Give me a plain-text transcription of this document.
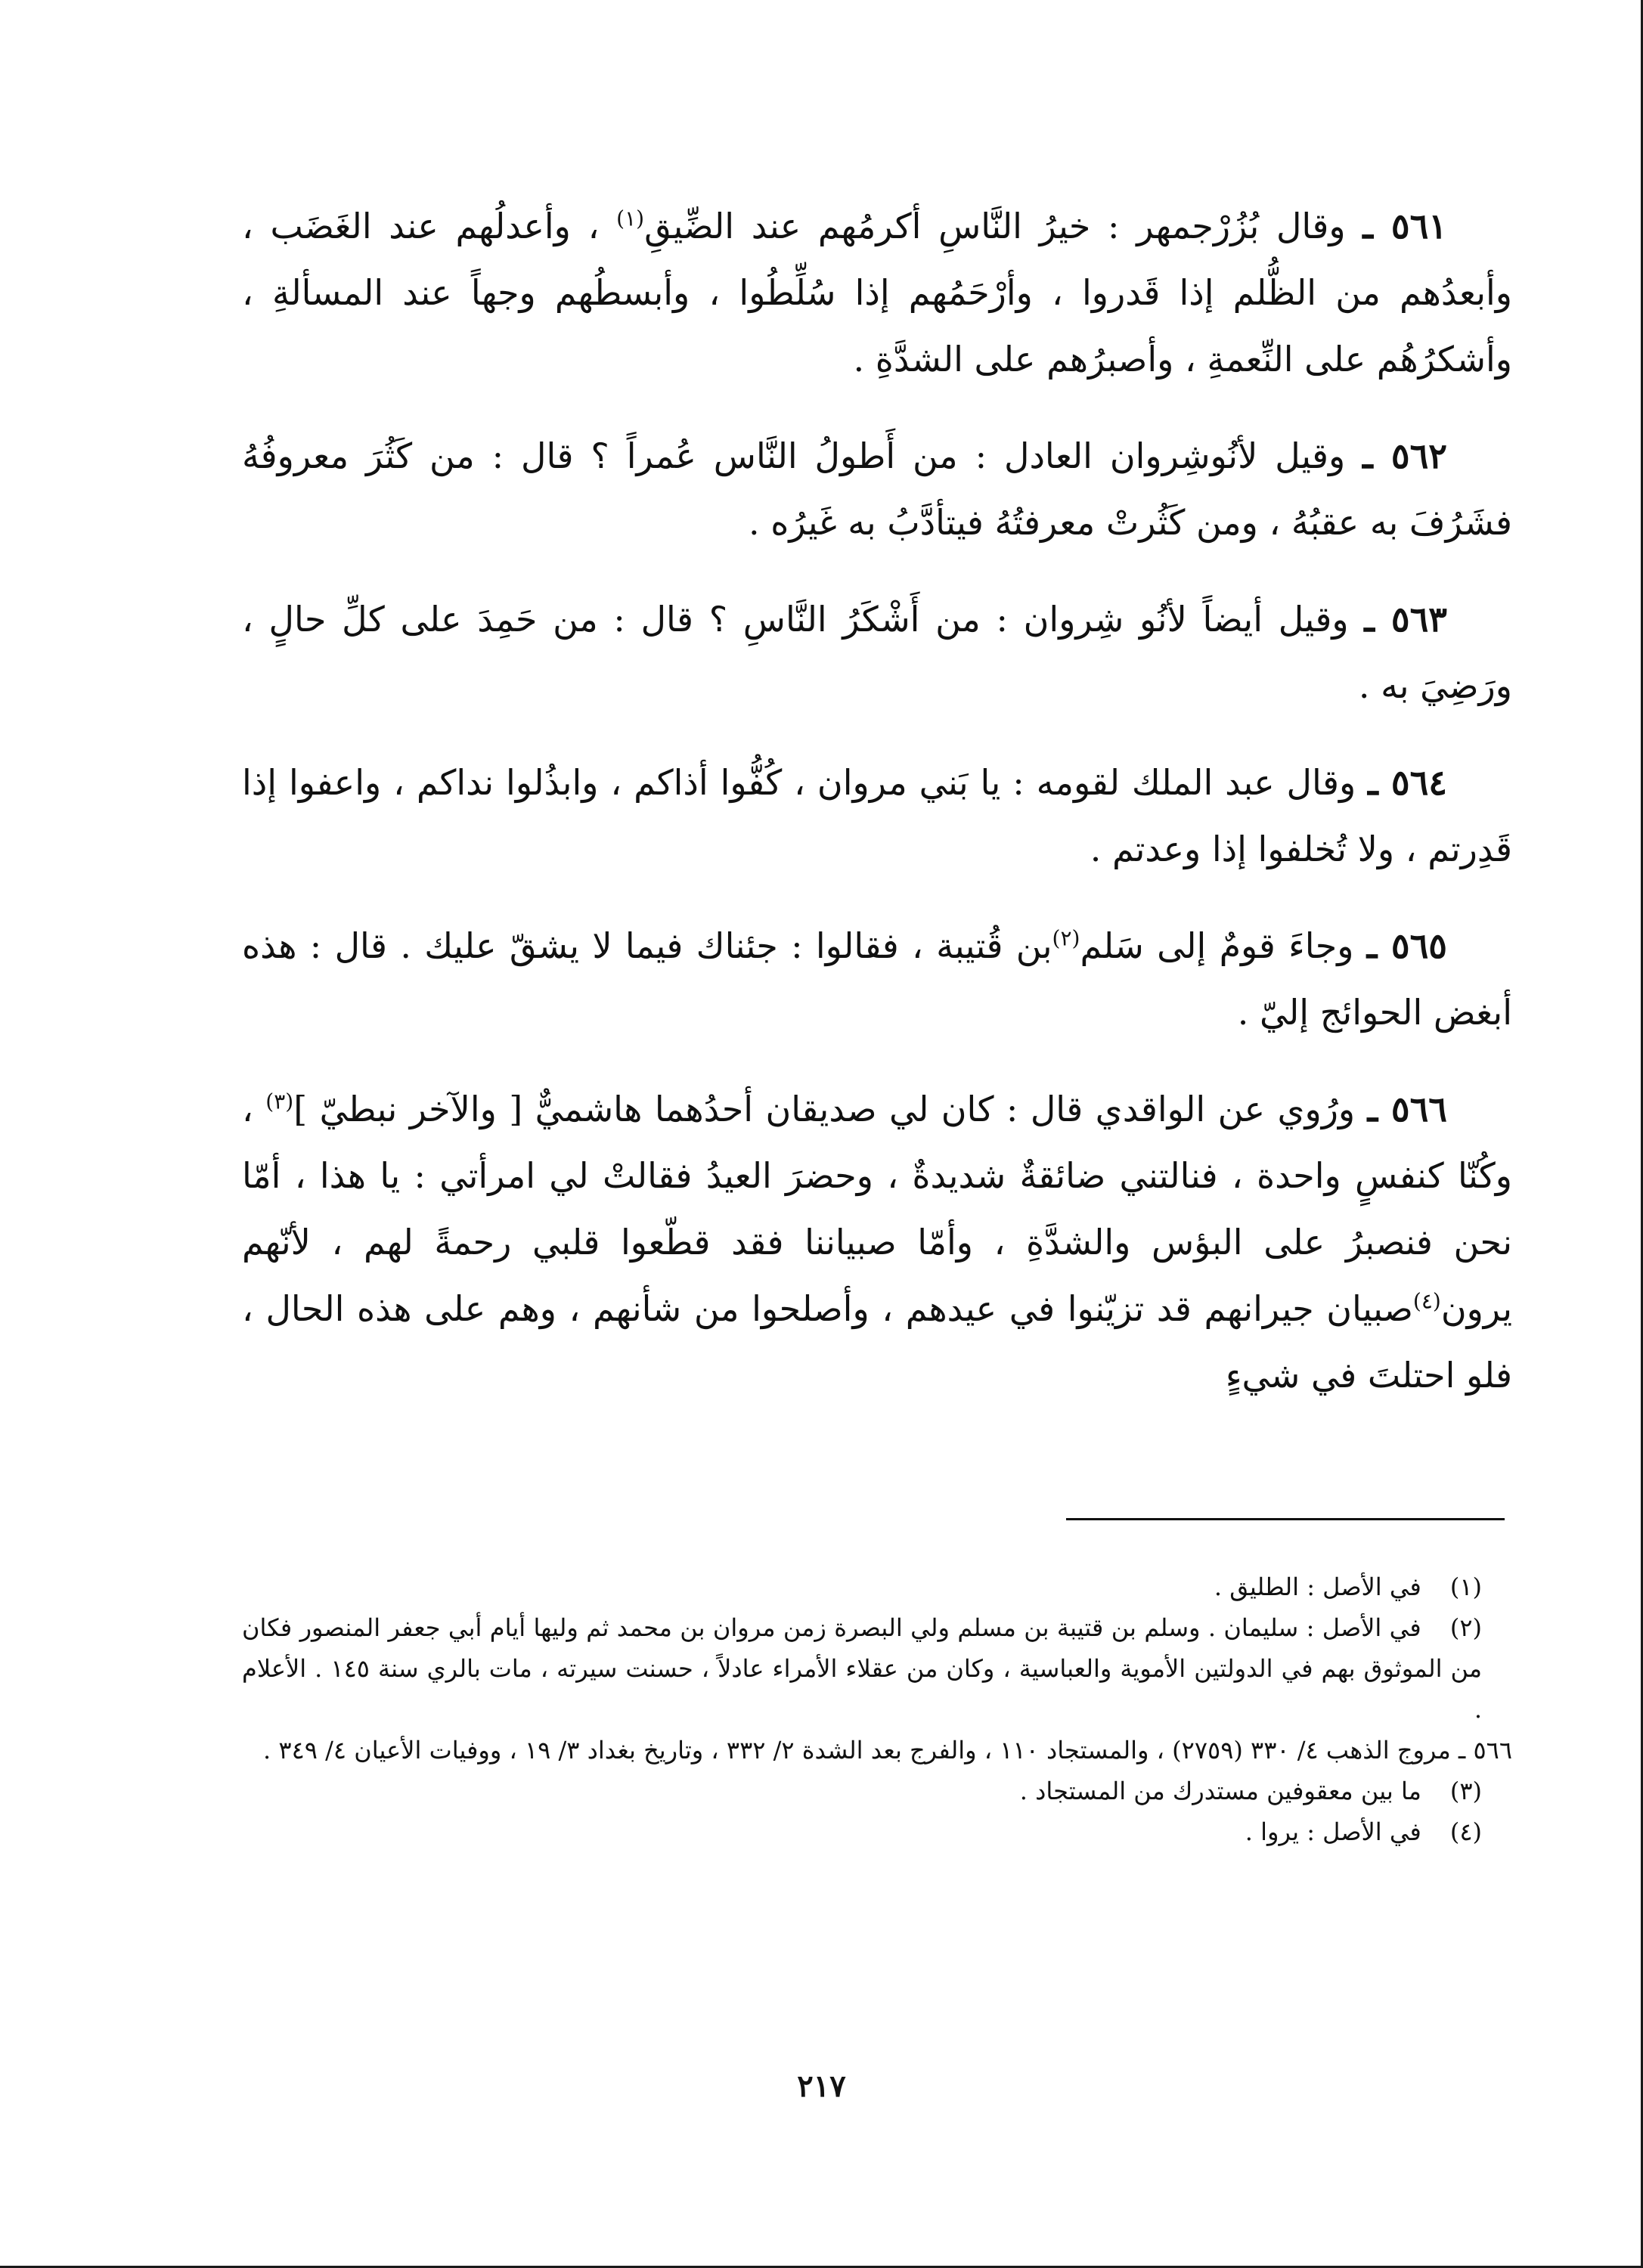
٥٦١ ـ وقال بُزُرْجمهر : خيرُ النَّاسِ أكرمُهم عند الضِّيقِ$^{(١)}$ ، وأعدلُهم عند الغَضَب ، وأبعدُهم من الظُّلم إذا قَدروا ، وأرْحَمُهم إذا سُلِّطُوا ، وأبسطُهم وجهاً عند المسألةِ ، وأشكرُهُم على النِّعمةِ ، وأصبرُهم على الشدَّةِ .

٥٦٢ ـ وقيل لأنُوشِروان العادل : من أَطولُ النَّاس عُمراً ؟ قال : من كَثُرَ معروفُهُ فشَرُفَ به عقبُهُ ، ومن كَثُرتْ معرفتُهُ فيتأدَّبُ به غَيرُه .

٥٦٣ ـ وقيل أيضاً لأنُو شِروان : من أَشْكَرُ النَّاسِ ؟ قال : من حَمِدَ على كلِّ حالٍ ، ورَضِيَ به .

٥٦٤ ـ وقال عبد الملك لقومه : يا بَني مروان ، كُفُّوا أذاكم ، وابذُلوا نداكم ، واعفوا إذا قَدِرتم ، ولا تُخلفوا إذا وعدتم .

٥٦٥ ـ وجاءَ قومٌ إلى سَلم$^{(٢)}$بن قُتيبة ، فقالوا : جئناك فيما لا يشقّ عليك . قال : هذه أبغض الحوائج إليّ .

٥٦٦ ـ ورُوي عن الواقدي قال : كان لي صديقان أحدُهما هاشميٌّ [ والآخر نبطيّ ]$^{(٣)}$ ، وكُنّا كنفسٍ واحدة ، فنالتني ضائقةٌ شديدةٌ ، وحضرَ العيدُ فقالتْ لي امرأتي : يا هذا ، أمّا نحن فنصبرُ على البؤس والشدَّةِ ، وأمّا صبياننا فقد قطّعوا قلبي رحمةً لهم ، لأنّهم يرون$^{(٤)}$صبيان جيرانهم قد تزيّنوا في عيدهم ، وأصلحوا من شأنهم ، وهم على هذه الحال ، فلو احتلتَ في شيءٍ

(١) في الأصل : الطليق .

(٢) في الأصل : سليمان . وسلم بن قتيبة بن مسلم ولي البصرة زمن مروان بن محمد ثم وليها أيام أبي جعفر المنصور فكان من الموثوق بهم في الدولتين الأموية والعباسية ، وكان من عقلاء الأمراء عادلاً ، حسنت سيرته ، مات بالري سنة ١٤٥ . الأعلام .

٥٦٦ ـ مروج الذهب ٤/ ٣٣٠ (٢٧٥٩) ، والمستجاد ١١٠ ، والفرج بعد الشدة ٢/ ٣٣٢ ، وتاريخ بغداد ٣/ ١٩ ، ووفيات الأعيان ٤/ ٣٤٩ .

(٣) ما بين معقوفين مستدرك من المستجاد .

(٤) في الأصل : يروا .

٢١٧
